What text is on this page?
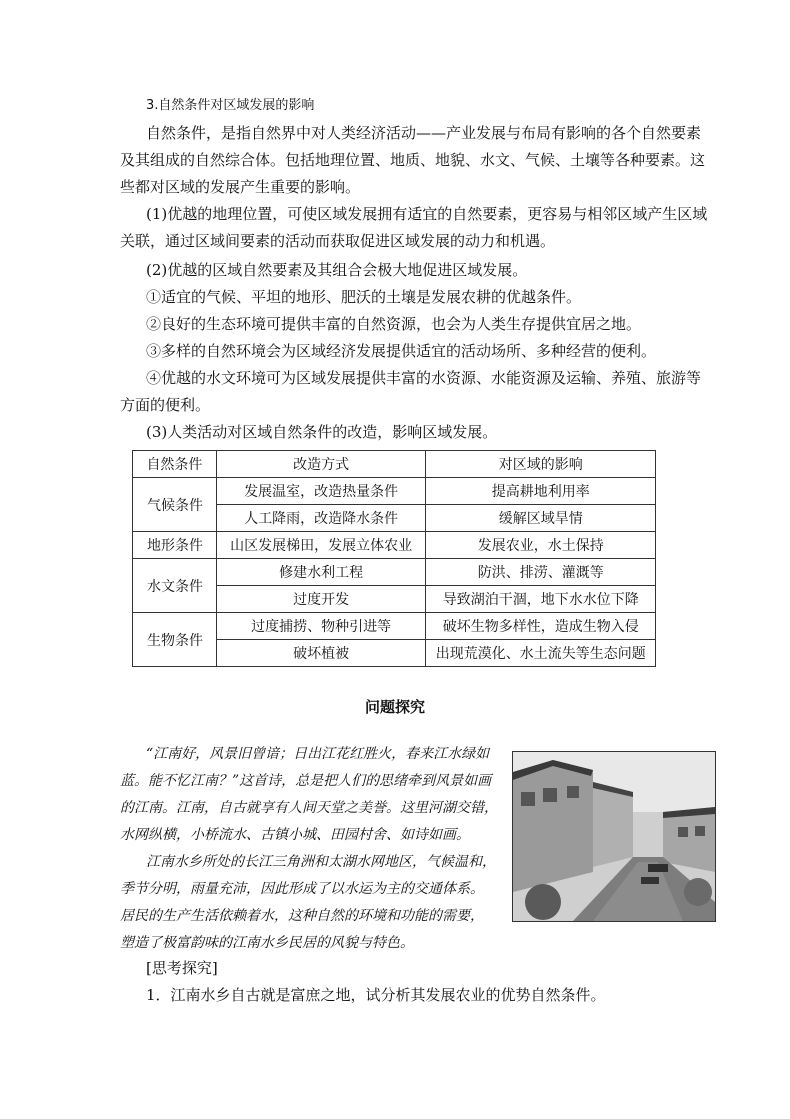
3.自然条件对区域发展的影响
自然条件，是指自然界中对人类经济活动——产业发展与布局有影响的各个自然要素
及其组成的自然综合体。包括地理位置、地质、地貌、水文、气候、土壤等各种要素。这
些都对区域的发展产生重要的影响。
(1)优越的地理位置，可使区域发展拥有适宜的自然要素，更容易与相邻区域产生区域
关联，通过区域间要素的活动而获取促进区域发展的动力和机遇。
(2)优越的区域自然要素及其组合会极大地促进区域发展。
①适宜的气候、平坦的地形、肥沃的土壤是发展农耕的优越条件。
②良好的生态环境可提供丰富的自然资源，也会为人类生存提供宜居之地。
③多样的自然环境会为区域经济发展提供适宜的活动场所、多种经营的便利。
④优越的水文环境可为区域发展提供丰富的水资源、水能资源及运输、养殖、旅游等
方面的便利。
(3)人类活动对区域自然条件的改造，影响区域发展。
自然条件	改造方式	对区域的影响
气候条件	发展温室，改造热量条件	提高耕地利用率
	人工降雨，改造降水条件	缓解区域旱情
地形条件	山区发展梯田，发展立体农业	发展农业，水土保持
水文条件	修建水利工程	防洪、排涝、灌溉等
	过度开发	导致湖泊干涸，地下水水位下降
生物条件	过度捕捞、物种引进等	破坏生物多样性，造成生物入侵
	破坏植被	出现荒漠化、水土流失等生态问题
问题探究
“江南好，风景旧曾谙；日出江花红胜火，春来江水绿如
蓝。能不忆江南？”这首诗，总是把人们的思绪牵到风景如画
的江南。江南，自古就享有人间天堂之美誉。这里河湖交错，
水网纵横，小桥流水、古镇小城、田园村舍、如诗如画。
江南水乡所处的长江三角洲和太湖水网地区，气候温和，
季节分明，雨量充沛，因此形成了以水运为主的交通体系。
居民的生产生活依赖着水，这种自然的环境和功能的需要，
塑造了极富韵味的江南水乡民居的风貌与特色。
[思考探究]
1．江南水乡自古就是富庶之地，试分析其发展农业的优势自然条件。
